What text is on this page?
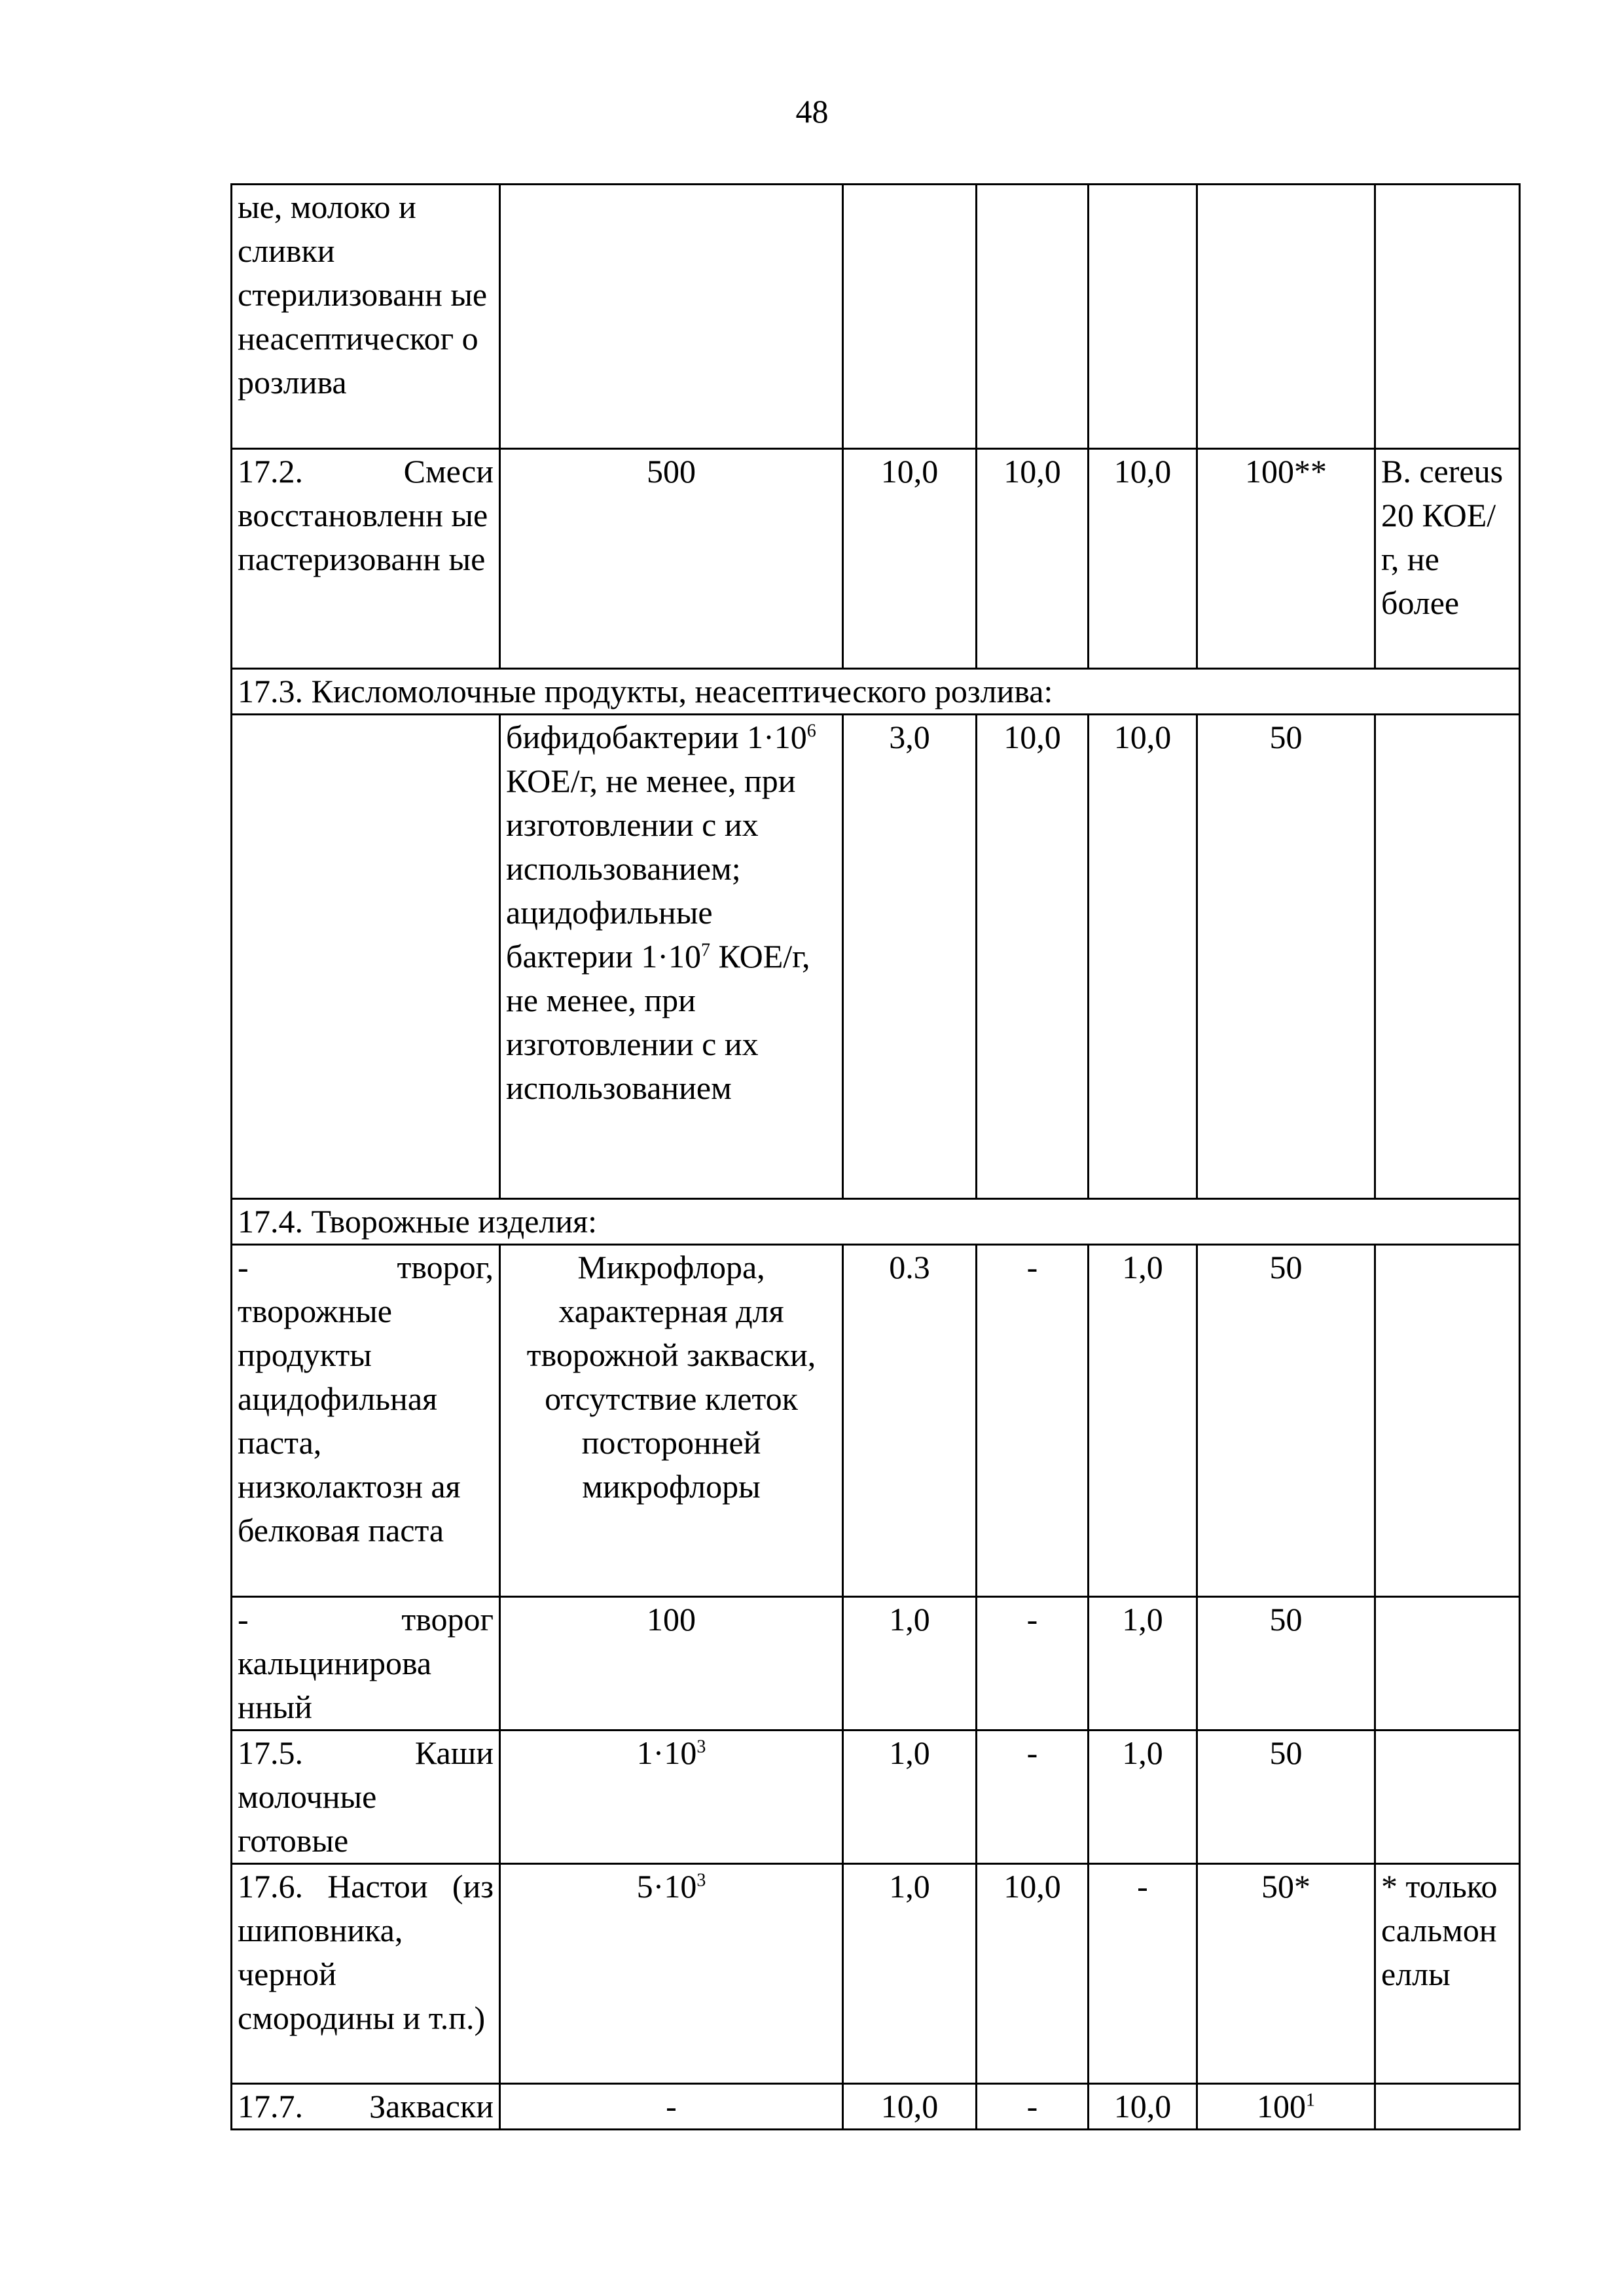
48
ые, молоко и сливки стерилизованн ые неасептическог о розлива						

17.2. Смеси
восстановленн ые пастеризованн ые	500	10,0	10,0	10,0	100**	B. cereus 20 КОЕ/г, не более
17.3. Кисломолочные продукты, неасептического розлива:						
	бифидобактерии $1\cdot 10^6$ КОЕ/г, не менее, при изготовлении с их использованием; ацидофильные бактерии $1\cdot 10^7$ КОЕ/г, не менее, при изготовлении с их использованием	3,0	10,0	10,0	50	
17.4. Творожные изделия:						

- творог,
творожные продукты ацидофильная паста, низколактозн ая белковая паста	Микрофлора, характерная для творожной закваски, отсутствие клеток посторонней микрофлоры	0.3	-	1,0	50	

- творог
кальцинирова нный	100	1,0	-	1,0	50	

17.5. Каши
молочные готовые	$1\cdot 10^3$	1,0	-	1,0	50	
17.6. Настои (из шиповника, черной смородины и т.п.)	$5\cdot 10^3$	1,0	10,0	-	50*	* только сальмон еллы

17.7. Закваски	-	10,0	-	10,0	$100^1$	
